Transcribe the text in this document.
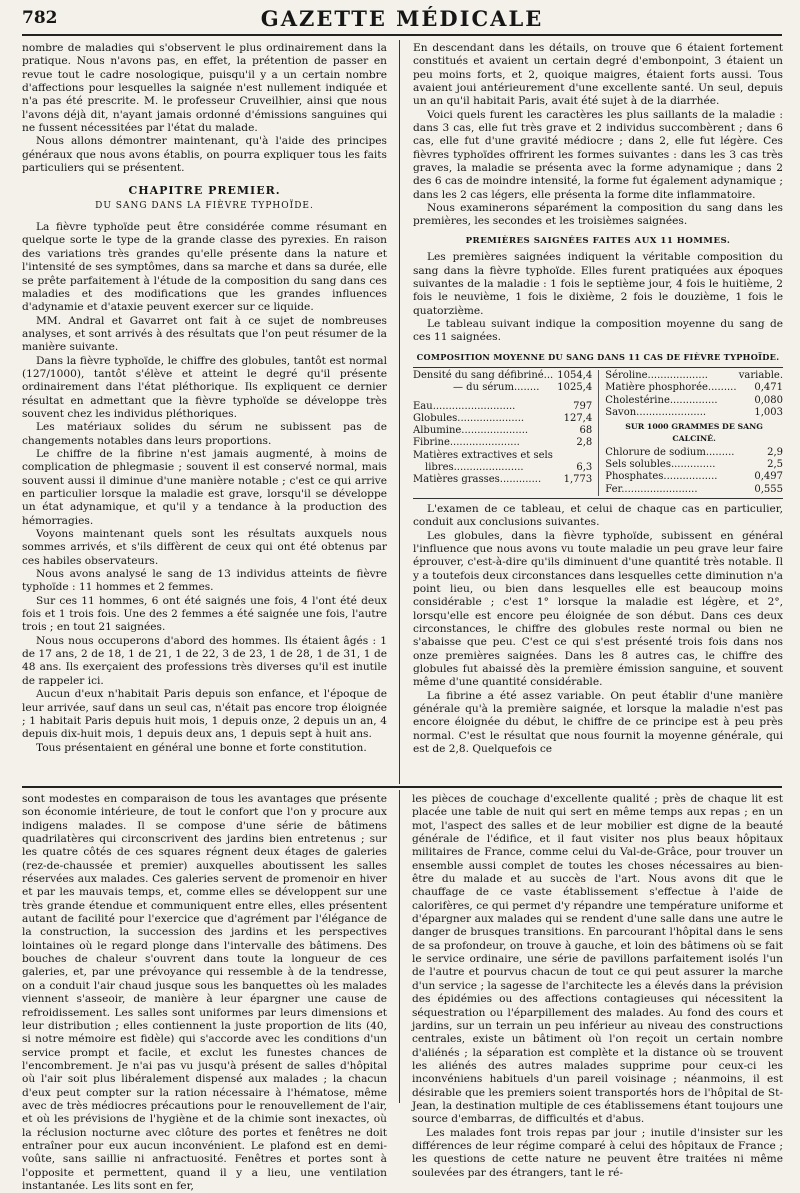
782	GAZETTE MÉDICALE

nombre de maladies qui s'observent le plus ordinairement dans la pratique. Nous n'avons pas, en effet, la prétention de passer en revue tout le cadre nosologique, puisqu'il y a un certain nombre d'affections pour lesquelles la saignée n'est nullement indiquée et n'a pas été prescrite. M. le professeur Cruveilhier, ainsi que nous l'avons déjà dit, n'ayant jamais ordonné d'émissions sanguines qui ne fussent nécessitées par l'état du malade.

Nous allons démontrer maintenant, qu'à l'aide des principes généraux que nous avons établis, on pourra expliquer tous les faits particuliers qui se présentent.

CHAPITRE PREMIER.
DU SANG DANS LA FIÈVRE TYPHOÏDE.

La fièvre typhoïde peut être considérée comme résumant en quelque sorte le type de la grande classe des pyrexies. En raison des variations très grandes qu'elle présente dans la nature et l'intensité de ses symptômes, dans sa marche et dans sa durée, elle se prête parfaitement à l'étude de la composition du sang dans ces maladies et des modifications que les grandes influences d'adynamie et d'ataxie peuvent exercer sur ce liquide.

MM. Andral et Gavarret ont fait à ce sujet de nombreuses analyses, et sont arrivés à des résultats que l'on peut résumer de la manière suivante.

Dans la fièvre typhoïde, le chiffre des globules, tantôt est normal (127/1000), tantôt s'élève et atteint le degré qu'il présente ordinairement dans l'état pléthorique. Ils expliquent ce dernier résultat en admettant que la fièvre typhoïde se développe très souvent chez les individus pléthoriques.

Les matériaux solides du sérum ne subissent pas de changements notables dans leurs proportions.

Le chiffre de la fibrine n'est jamais augmenté, à moins de complication de phlegmasie ; souvent il est conservé normal, mais souvent aussi il diminue d'une manière notable ; c'est ce qui arrive en particulier lorsque la maladie est grave, lorsqu'il se développe un état adynamique, et qu'il y a tendance à la production des hémorragies.

Voyons maintenant quels sont les résultats auxquels nous sommes arrivés, et s'ils diffèrent de ceux qui ont été obtenus par ces habiles observateurs.

Nous avons analysé le sang de 13 individus atteints de fièvre typhoïde : 11 hommes et 2 femmes.

Sur ces 11 hommes, 6 ont été saignés une fois, 4 l'ont été deux fois et 1 trois fois. Une des 2 femmes a été saignée une fois, l'autre trois ; en tout 21 saignées.

Nous nous occuperons d'abord des hommes. Ils étaient âgés : 1 de 17 ans, 2 de 18, 1 de 21, 1 de 22, 3 de 23, 1 de 28, 1 de 31, 1 de 48 ans. Ils exerçaient des professions très diverses qu'il est inutile de rappeler ici.

Aucun d'eux n'habitait Paris depuis son enfance, et l'époque de leur arrivée, sauf dans un seul cas, n'était pas encore trop éloignée ; 1 habitait Paris depuis huit mois, 1 depuis onze, 2 depuis un an, 4 depuis dix-huit mois, 1 depuis deux ans, 1 depuis sept à huit ans.

Tous présentaient en général une bonne et forte constitution.

En descendant dans les détails, on trouve que 6 étaient fortement constitués et avaient un certain degré d'embonpoint, 3 étaient un peu moins forts, et 2, quoique maigres, étaient forts aussi. Tous avaient joui antérieurement d'une excellente santé. Un seul, depuis un an qu'il habitait Paris, avait été sujet à de la diarrhée.

Voici quels furent les caractères les plus saillants de la maladie : dans 3 cas, elle fut très grave et 2 individus succombèrent ; dans 6 cas, elle fut d'une gravité médiocre ; dans 2, elle fut légère. Ces fièvres typhoïdes offrirent les formes suivantes : dans les 3 cas très graves, la maladie se présenta avec la forme adynamique ; dans 2 des 6 cas de moindre intensité, la forme fut également adynamique ; dans les 2 cas légers, elle présenta la forme dite inflammatoire.

Nous examinerons séparément la composition du sang dans les premières, les secondes et les troisièmes saignées.

PREMIÈRES SAIGNÉES FAITES AUX 11 HOMMES.

Les premières saignées indiquent la véritable composition du sang dans la fièvre typhoïde. Elles furent pratiquées aux époques suivantes de la maladie : 1 fois le septième jour, 4 fois le huitième, 2 fois le neuvième, 1 fois le dixième, 2 fois le douzième, 1 fois le quatorzième.

Le tableau suivant indique la composition moyenne du sang de ces 11 saignées.

COMPOSITION MOYENNE DU SANG DANS 11 CAS DE FIÈVRE TYPHOÏDE.
Densité du sang défibriné... 1054,4
— du sérum........	1025,4
Eau..........................	797
Globules.....................	127,4
Albumine.....................	68
Fibrine......................	2,8
Matières extractives et sels
libres......................	6,3
Matières grasses.............	1,773
Séroline...................	variable.
Matière phosphorée.........	0,471
Cholestérine...............	0,080
Savon......................	1,003
SUR 1000 GRAMMES DE SANG CALCINÉ.
Chlorure de sodium.........	2,9
Sels solubles..............	2,5
Phosphates.................	0,497
Fer........................	0,555

L'examen de ce tableau, et celui de chaque cas en particulier, conduit aux conclusions suivantes.

Les globules, dans la fièvre typhoïde, subissent en général l'influence que nous avons vu toute maladie un peu grave leur faire éprouver, c'est-à-dire qu'ils diminuent d'une quantité très notable. Il y a toutefois deux circonstances dans lesquelles cette diminution n'a point lieu, ou bien dans lesquelles elle est beaucoup moins considérable ; c'est 1° lorsque la maladie est légère, et 2°, lorsqu'elle est encore peu éloignée de son début. Dans ces deux circonstances, le chiffre des globules reste normal ou bien ne s'abaisse que peu. C'est ce qui s'est présenté trois fois dans nos onze premières saignées. Dans les 8 autres cas, le chiffre des globules fut abaissé dès la première émission sanguine, et souvent même d'une quantité considérable.

La fibrine a été assez variable. On peut établir d'une manière générale qu'à la première saignée, et lorsque la maladie n'est pas encore éloignée du début, le chiffre de ce principe est à peu près normal. C'est le résultat que nous fournit la moyenne générale, qui est de 2,8. Quelquefois ce

sont modestes en comparaison de tous les avantages que présente son économie intérieure, de tout le confort que l'on y procure aux indigens malades. Il se compose d'une série de bâtimens quadrilatères qui circonscrivent des jardins bien entretenus ; sur les quatre côtés de ces squares régnent deux étages de galeries (rez-de-chaussée et premier) auxquelles aboutissent les salles réservées aux malades. Ces galeries servent de promenoir en hiver et par les mauvais temps, et, comme elles se développent sur une très grande étendue et communiquent entre elles, elles présentent autant de facilité pour l'exercice que d'agrément par l'élégance de la construction, la succession des jardins et les perspectives lointaines où le regard plonge dans l'intervalle des bâtimens. Des bouches de chaleur s'ouvrent dans toute la longueur de ces galeries, et, par une prévoyance qui ressemble à de la tendresse, on a conduit l'air chaud jusque sous les banquettes où les malades viennent s'asseoir, de manière à leur épargner une cause de refroidissement. Les salles sont uniformes par leurs dimensions et leur distribution ; elles contiennent la juste proportion de lits (40, si notre mémoire est fidèle) qui s'accorde avec les conditions d'un service prompt et facile, et exclut les funestes chances de l'encombrement. Je n'ai pas vu jusqu'à présent de salles d'hôpital où l'air soit plus libéralement dispensé aux malades ; la chacun d'eux peut compter sur la ration nécessaire à l'hématose, même avec de très médiocres précautions pour le renouvellement de l'air, et où les prévisions de l'hygiène et de la chimie sont inexactes, où la réclusion nocturne avec clôture des portes et fenêtres ne doit entraîner pour eux aucun inconvénient. Le plafond est en demi-voûte, sans saillie ni anfractuosité. Fenêtres et portes sont à l'opposite et permettent, quand il y a lieu, une ventilation instantanée. Les lits sont en fer,

les pièces de couchage d'excellente qualité ; près de chaque lit est placée une table de nuit qui sert en même temps aux repas ; en un mot, l'aspect des salles et de leur mobilier est digne de la beauté générale de l'édifice, et il faut visiter nos plus beaux hôpitaux militaires de France, comme celui du Val-de-Grâce, pour trouver un ensemble aussi complet de toutes les choses nécessaires au bien-être du malade et au succès de l'art. Nous avons dit que le chauffage de ce vaste établissement s'effectue à l'aide de calorifères, ce qui permet d'y répandre une température uniforme et d'épargner aux malades qui se rendent d'une salle dans une autre le danger de brusques transitions. En parcourant l'hôpital dans le sens de sa profondeur, on trouve à gauche, et loin des bâtimens où se fait le service ordinaire, une série de pavillons parfaitement isolés l'un de l'autre et pourvus chacun de tout ce qui peut assurer la marche d'un service ; la sagesse de l'architecte les a élevés dans la prévision des épidémies ou des affections contagieuses qui nécessitent la séquestration ou l'éparpillement des malades. Au fond des cours et jardins, sur un terrain un peu inférieur au niveau des constructions centrales, existe un bâtiment où l'on reçoit un certain nombre d'aliénés ; la séparation est complète et la distance où se trouvent les aliénés des autres malades supprime pour ceux-ci les inconvéniens habituels d'un pareil voisinage ; néanmoins, il est désirable que les premiers soient transportés hors de l'hôpital de St-Jean, la destination multiple de ces établissemens étant toujours une source d'embarras, de difficultés et d'abus.

Les malades font trois repas par jour ; inutile d'insister sur les différences de leur régime comparé à celui des hôpitaux de France ; les questions de cette nature ne peuvent être traitées ni même soulevées par des étrangers, tant le ré-
